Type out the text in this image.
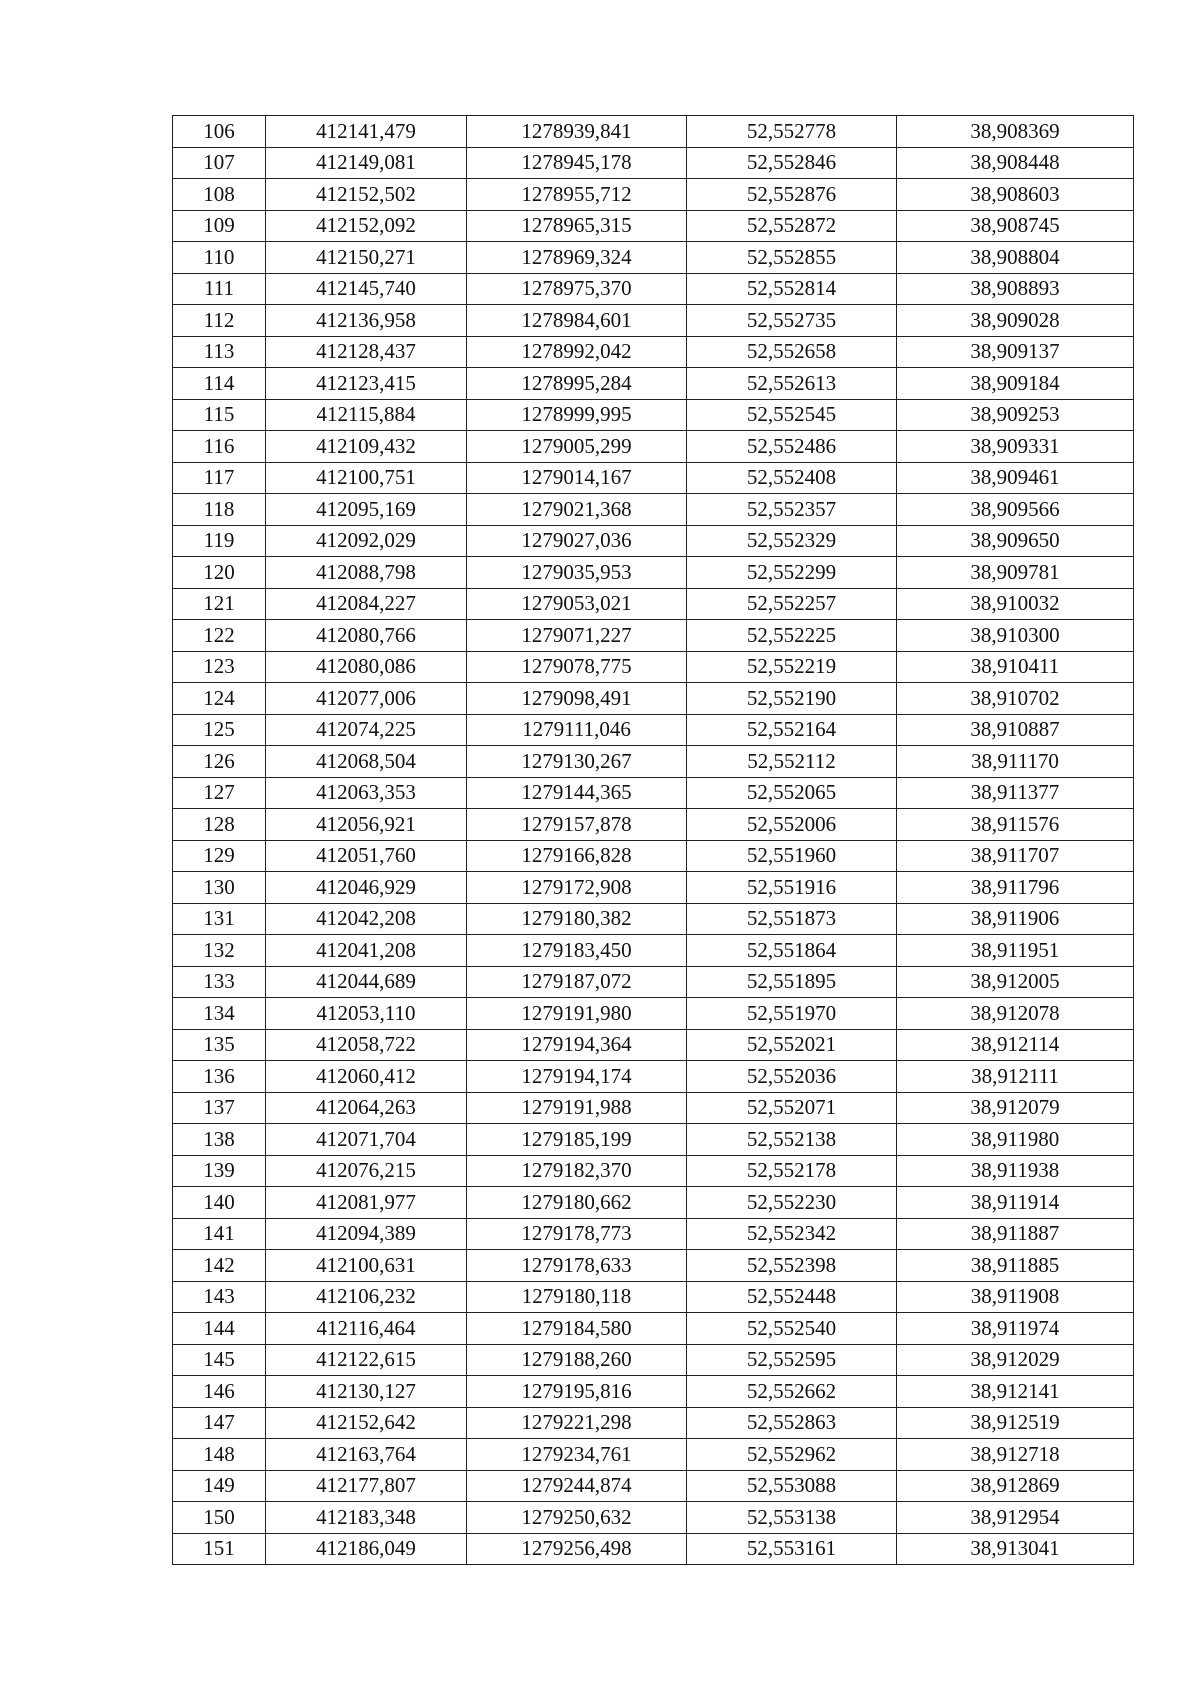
106	412141,479	1278939,841	52,552778	38,908369
107	412149,081	1278945,178	52,552846	38,908448
108	412152,502	1278955,712	52,552876	38,908603
109	412152,092	1278965,315	52,552872	38,908745
110	412150,271	1278969,324	52,552855	38,908804
111	412145,740	1278975,370	52,552814	38,908893
112	412136,958	1278984,601	52,552735	38,909028
113	412128,437	1278992,042	52,552658	38,909137
114	412123,415	1278995,284	52,552613	38,909184
115	412115,884	1278999,995	52,552545	38,909253
116	412109,432	1279005,299	52,552486	38,909331
117	412100,751	1279014,167	52,552408	38,909461
118	412095,169	1279021,368	52,552357	38,909566
119	412092,029	1279027,036	52,552329	38,909650
120	412088,798	1279035,953	52,552299	38,909781
121	412084,227	1279053,021	52,552257	38,910032
122	412080,766	1279071,227	52,552225	38,910300
123	412080,086	1279078,775	52,552219	38,910411
124	412077,006	1279098,491	52,552190	38,910702
125	412074,225	1279111,046	52,552164	38,910887
126	412068,504	1279130,267	52,552112	38,911170
127	412063,353	1279144,365	52,552065	38,911377
128	412056,921	1279157,878	52,552006	38,911576
129	412051,760	1279166,828	52,551960	38,911707
130	412046,929	1279172,908	52,551916	38,911796
131	412042,208	1279180,382	52,551873	38,911906
132	412041,208	1279183,450	52,551864	38,911951
133	412044,689	1279187,072	52,551895	38,912005
134	412053,110	1279191,980	52,551970	38,912078
135	412058,722	1279194,364	52,552021	38,912114
136	412060,412	1279194,174	52,552036	38,912111
137	412064,263	1279191,988	52,552071	38,912079
138	412071,704	1279185,199	52,552138	38,911980
139	412076,215	1279182,370	52,552178	38,911938
140	412081,977	1279180,662	52,552230	38,911914
141	412094,389	1279178,773	52,552342	38,911887
142	412100,631	1279178,633	52,552398	38,911885
143	412106,232	1279180,118	52,552448	38,911908
144	412116,464	1279184,580	52,552540	38,911974
145	412122,615	1279188,260	52,552595	38,912029
146	412130,127	1279195,816	52,552662	38,912141
147	412152,642	1279221,298	52,552863	38,912519
148	412163,764	1279234,761	52,552962	38,912718
149	412177,807	1279244,874	52,553088	38,912869
150	412183,348	1279250,632	52,553138	38,912954
151	412186,049	1279256,498	52,553161	38,913041
